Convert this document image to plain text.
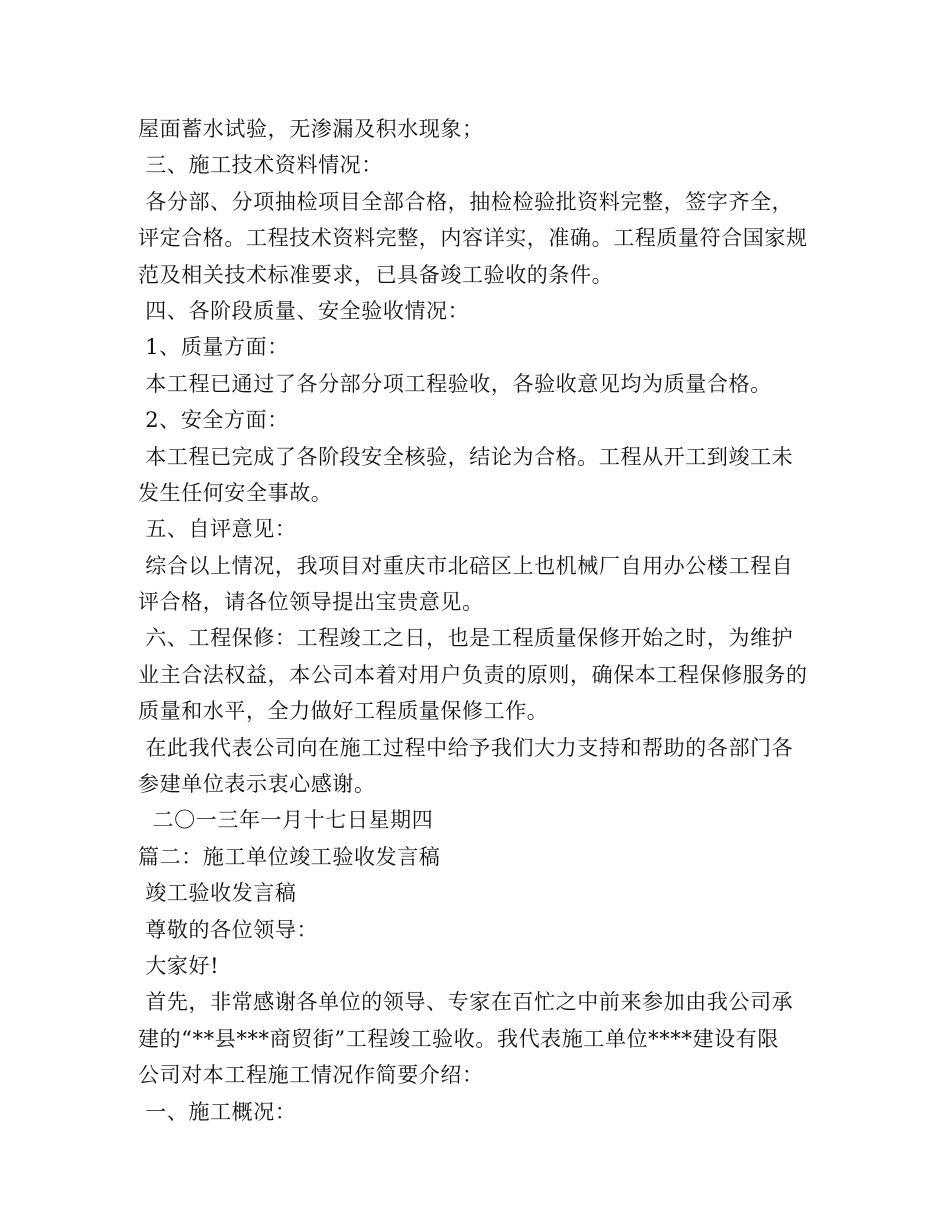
屋面蓄水试验，无渗漏及积水现象；
三、施工技术资料情况：
各分部、分项抽检项目全部合格，抽检检验批资料完整，签字齐全，
评定合格。工程技术资料完整，内容详实，准确。工程质量符合国家规
范及相关技术标准要求，已具备竣工验收的条件。
四、各阶段质量、安全验收情况：
1、质量方面：
本工程已通过了各分部分项工程验收，各验收意见均为质量合格。
2、安全方面：
本工程已完成了各阶段安全核验，结论为合格。工程从开工到竣工未
发生任何安全事故。
五、自评意见：
综合以上情况，我项目对重庆市北碚区上也机械厂自用办公楼工程自
评合格，请各位领导提出宝贵意见。
六、工程保修：工程竣工之日，也是工程质量保修开始之时，为维护
业主合法权益，本公司本着对用户负责的原则，确保本工程保修服务的
质量和水平，全力做好工程质量保修工作。
在此我代表公司向在施工过程中给予我们大力支持和帮助的各部门各
参建单位表示衷心感谢。
二〇一三年一月十七日星期四
篇二：施工单位竣工验收发言稿
竣工验收发言稿
尊敬的各位领导：
大家好!
首先，非常感谢各单位的领导、专家在百忙之中前来参加由我公司承
建的“**县***商贸街”工程竣工验收。我代表施工单位****建设有限
公司对本工程施工情况作简要介绍：
一、施工概况：
